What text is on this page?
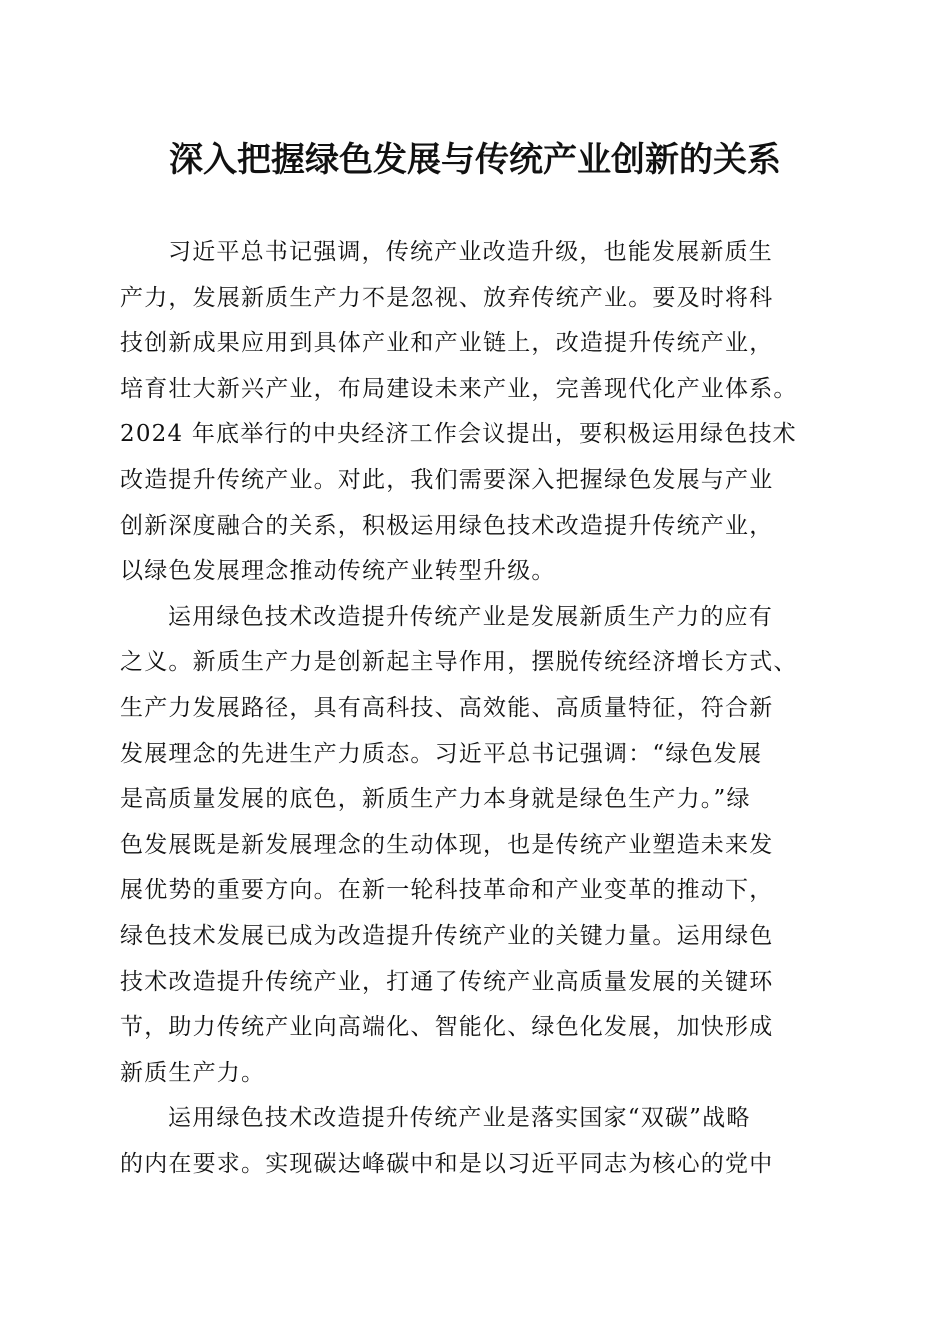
深入把握绿色发展与传统产业创新的关系
习近平总书记强调，传统产业改造升级，也能发展新质生
产力，发展新质生产力不是忽视、放弃传统产业。要及时将科
技创新成果应用到具体产业和产业链上，改造提升传统产业，
培育壮大新兴产业，布局建设未来产业，完善现代化产业体系。
2024 年底举行的中央经济工作会议提出，要积极运用绿色技术
改造提升传统产业。对此，我们需要深入把握绿色发展与产业
创新深度融合的关系，积极运用绿色技术改造提升传统产业，
以绿色发展理念推动传统产业转型升级。
运用绿色技术改造提升传统产业是发展新质生产力的应有
之义。新质生产力是创新起主导作用，摆脱传统经济增长方式、
生产力发展路径，具有高科技、高效能、高质量特征，符合新
发展理念的先进生产力质态。习近平总书记强调：“绿色发展
是高质量发展的底色，新质生产力本身就是绿色生产力。”绿
色发展既是新发展理念的生动体现，也是传统产业塑造未来发
展优势的重要方向。在新一轮科技革命和产业变革的推动下，
绿色技术发展已成为改造提升传统产业的关键力量。运用绿色
技术改造提升传统产业，打通了传统产业高质量发展的关键环
节，助力传统产业向高端化、智能化、绿色化发展，加快形成
新质生产力。
运用绿色技术改造提升传统产业是落实国家“双碳”战略
的内在要求。实现碳达峰碳中和是以习近平同志为核心的党中
